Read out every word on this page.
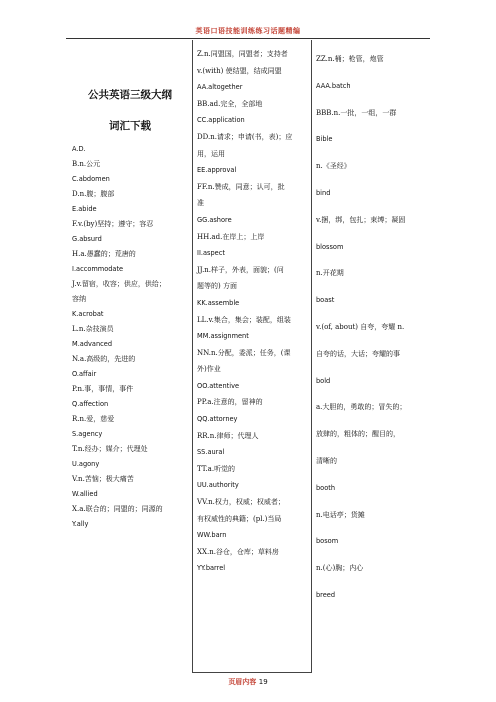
英语口语技能训练练习话题精编

公共英语三级大纲

词汇下载

A.D.

B.n.公元

C.abdomen

D.n.腹；腹部

E.abide

F.v.(by)坚持；遵守；容忍

G.absurd

H.a.愚蠢的；荒唐的

I.accommodate

J.v.留宿，收容；供应，供给；

容纳

K.acrobat

L.n.杂技演员

M.advanced

N.a.高级的，先进的

O.affair

P.n.事，事情，事件

Q.affection

R.n.爱，慈爱

S.agency

T.n.经办；媒介；代理处

U.agony

V.n.苦恼；极大痛苦

W.allied

X.a.联合的；同盟的；同源的

Y.ally

Z.n.同盟国，同盟者；支持者

v.(with) 使结盟，结成同盟

AA.altogether

BB.ad.完全，全部地

CC.application

DD.n.请求；申请(书，表)；应

用，运用

EE.approval

FF.n.赞成，同意；认可，批

准

GG.ashore

HH.ad.在岸上；上岸

II.aspect

JJ.n.样子，外表，面貌；(问

题等的) 方面

KK.assemble

LL.v.集合，集会；装配，组装

MM.assignment

NN.n.分配，委派；任务，(课

外)作业

OO.attentive

PP.a.注意的，留神的

QQ.attorney

RR.n.律师；代理人

SS.aural

TT.a.听觉的

UU.authority

VV.n.权力，权威；权威者；

有权威性的典籍；(pl.)当局

WW.barn

XX.n.谷仓，仓库；草料房

YY.barrel

ZZ.n.桶；枪管，炮管

AAA.batch

BBB.n.一批，一组，一群

Bible

n.《圣经》

bind

v.捆，绑，包扎；束缚；凝固

blossom

n.开花期

boast

v.(of, about) 自夸，夸耀 n.

自夸的话，大话；夸耀的事

bold

a.大胆的，勇敢的；冒失的；

放肆的，粗体的；醒目的，

清晰的

booth

n.电话亭；货摊

bosom

n.(心)胸；内心

breed

页眉内容 19
